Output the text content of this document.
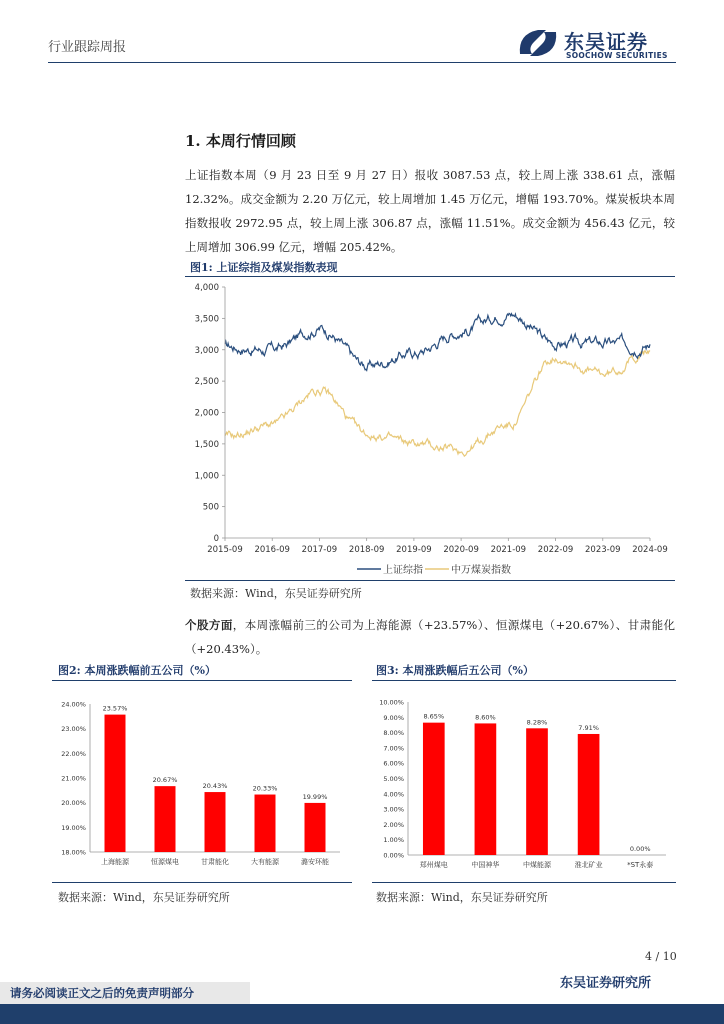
行业跟踪周报	东吴证券
SOOCHOW SECURITIES
1. 本周行情回顾
上证指数本周（9 月 23 日至 9 月 27 日）报收 3087.53 点，较上周上涨 338.61 点，涨幅 12.32%。成交金额为 2.20 万亿元，较上周增加 1.45 万亿元，增幅 193.70%。煤炭板块本周指数报收 2972.95 点，较上周上涨 306.87 点，涨幅 11.51%。成交金额为 456.43 亿元，较上周增加 306.99 亿元，增幅 205.42%。
图1: 上证综指及煤炭指数表现
上证综指	中万煤炭指数
0
500
1,000
1,500
2,000
2,500
3,000
3,500
4,000
2015-09 2016-09 2017-09 2018-09 2019-09 2020-09 2021-09 2022-09 2023-09 2024-09
数据来源：Wind，东吴证券研究所
个股方面，本周涨幅前三的公司为上海能源（+23.57%）、恒源煤电（+20.67%）、甘肃能化（+20.43%）。
图2: 本周涨跌幅前五公司（%）
18.00%
19.00%
20.00%
21.00%
22.00%
23.00%
24.00%
23.57%
上海能源
20.67%
恒源煤电
20.43%
甘肃能化
20.33%
大有能源
19.99%
潞安环能
数据来源：Wind，东吴证券研究所
图3: 本周涨跌幅后五公司（%）
0.00%
1.00%
2.00%
3.00%
4.00%
5.00%
6.00%
7.00%
8.00%
9.00%
10.00%
8.65%
郑州煤电
8.60%
中国神华
8.28%
中煤能源
7.91%
淮北矿业
0.00%
*ST永泰
数据来源：Wind，东吴证券研究所
4 / 10
东吴证券研究所
请务必阅读正文之后的免责声明部分
